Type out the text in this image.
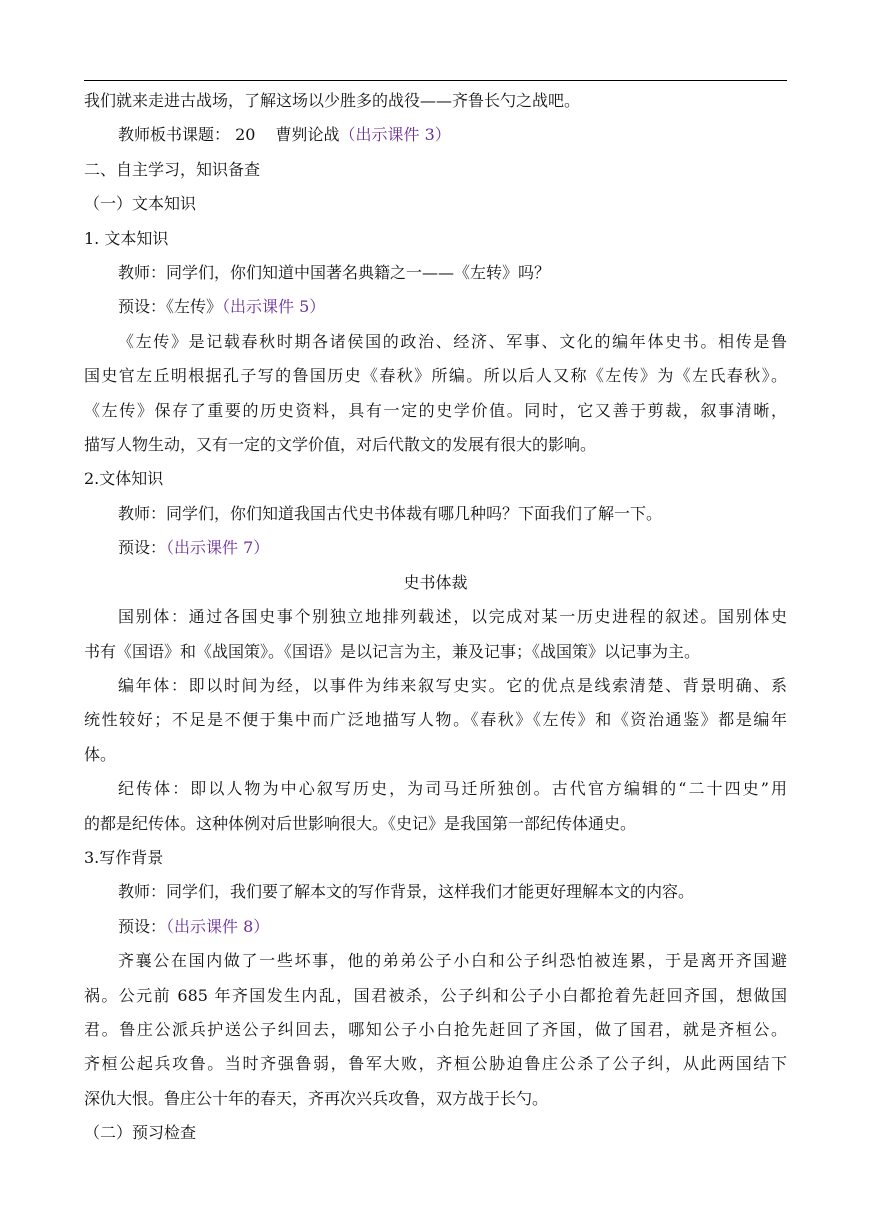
我们就来走进古战场，了解这场以少胜多的战役——齐鲁长勺之战吧。

教师板书课题： 20 曹刿论战（出示课件 3）

二、自主学习，知识备查

（一）文本知识

1. 文本知识

教师：同学们，你们知道中国著名典籍之一——《左转》吗？

预设：《左传》（出示课件 5）

《左传》是记载春秋时期各诸侯国的政治、经济、军事、文化的编年体史书。相传是鲁

国史官左丘明根据孔子写的鲁国历史《春秋》所编。所以后人又称《左传》为《左氏春秋》。

《左传》保存了重要的历史资料，具有一定的史学价值。同时，它又善于剪裁，叙事清晰，

描写人物生动，又有一定的文学价值，对后代散文的发展有很大的影响。

2.文体知识

教师：同学们，你们知道我国古代史书体裁有哪几种吗？下面我们了解一下。

预设：（出示课件 7）

史书体裁

国别体：通过各国史事个别独立地排列载述，以完成对某一历史进程的叙述。国别体史

书有《国语》和《战国策》。《国语》是以记言为主，兼及记事；《战国策》以记事为主。

编年体：即以时间为经，以事件为纬来叙写史实。它的优点是线索清楚、背景明确、系

统性较好；不足是不便于集中而广泛地描写人物。《春秋》《左传》和《资治通鉴》都是编年

体。

纪传体：即以人物为中心叙写历史，为司马迁所独创。古代官方编辑的“二十四史”用

的都是纪传体。这种体例对后世影响很大。《史记》是我国第一部纪传体通史。

3.写作背景

教师：同学们，我们要了解本文的写作背景，这样我们才能更好理解本文的内容。

预设：（出示课件 8）

齐襄公在国内做了一些坏事，他的弟弟公子小白和公子纠恐怕被连累，于是离开齐国避

祸。公元前 685 年齐国发生内乱，国君被杀，公子纠和公子小白都抢着先赶回齐国，想做国

君。鲁庄公派兵护送公子纠回去，哪知公子小白抢先赶回了齐国，做了国君，就是齐桓公。

齐桓公起兵攻鲁。当时齐强鲁弱，鲁军大败，齐桓公胁迫鲁庄公杀了公子纠，从此两国结下

深仇大恨。鲁庄公十年的春天，齐再次兴兵攻鲁，双方战于长勺。

（二）预习检查
